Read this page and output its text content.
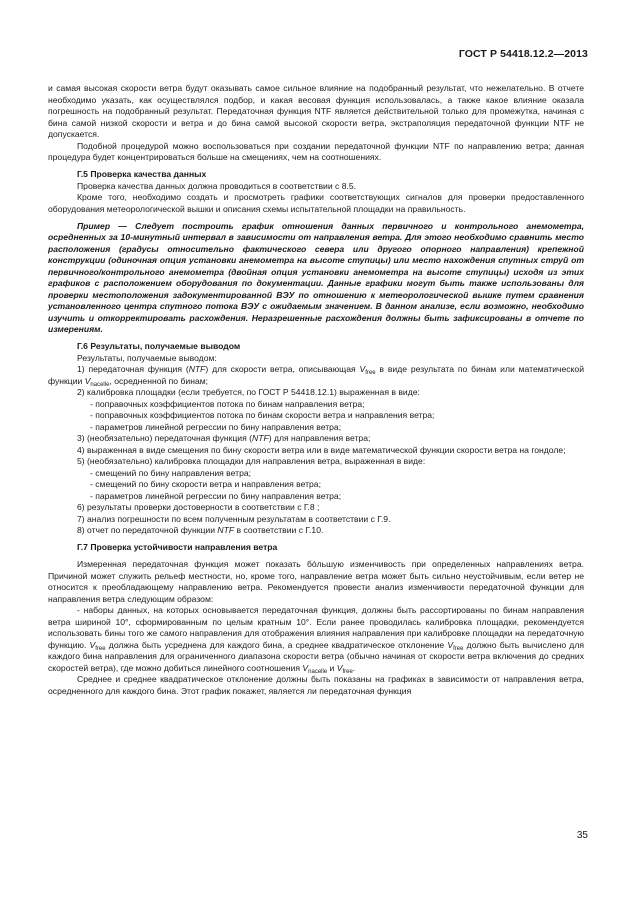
ГОСТ Р 54418.12.2—2013

и самая высокая скорости ветра будут оказывать самое сильное влияние на подобранный результат, что нежелательно. В отчете необходимо указать, как осуществлялся подбор, и какая весовая функция использовалась, а также какое влияние оказала погрешность на подобранный результат. Передаточная функция NTF является действительной только для промежутка, начиная с бина самой низкой скорости и ветра и до бина самой высокой скорости ветра, экстраполяция передаточной функции NTF не допускается.

Подобной процедурой можно воспользоваться при создании передаточной функции NTF по направлению ветра; данная процедура будет концентрироваться больше на смещениях, чем на соотношениях.

Г.5 Проверка качества данных

Проверка качества данных должна проводиться в соответствии с 8.5.

Кроме того, необходимо создать и просмотреть графики соответствующих сигналов для проверки предоставленного оборудования метеорологической вышки и описания схемы испытательной площадки на правильность.

Пример — Следует построить график отношения данных первичного и контрольного анемометра, осредненных за 10-минутный интервал в зависимости от направления ветра. Для этого необходимо сравнить место расположения (градусы относительно фактического севера или другого опорного направления) крепежной конструкции (одиночная опция установки анемометра на высоте ступицы) или место нахождения спутных струй от первичного/контрольного анемометра (двойная опция установки анемометра на высоте ступицы) исходя из этих графиков с расположением оборудования по документации. Данные графики могут быть также использованы для проверки местоположения задокументированной ВЭУ по отношению к метеорологической вышке путем сравнения установленного центра спутного потока ВЭУ с ожидаемым значением. В данном анализе, если возможно, необходимо изучить и откорректировать расхождения. Неразрешенные расхождения должны быть зафиксированы в отчете по измерениям.

Г.6 Результаты, получаемые выводом

Результаты, получаемые выводом:

1) передаточная функция (NTF) для скорости ветра, описывающая $V_{free}$ в виде результата по бинам или математической функции $V_{nacelle}$, осредненной по бинам;

2) калибровка площадки (если требуется, по ГОСТ Р 54418.12.1) выраженная в виде:

- поправочных коэффициентов потока по бинам направления ветра;

- поправочных коэффициентов потока по бинам скорости ветра и направления ветра;

- параметров линейной регрессии по бину направления ветра;

3) (необязательно) передаточная функция (NTF) для направления ветра;

4) выраженная в виде смещения по бину скорости ветра или в виде математической функции скорости ветра на гондоле;

5) (необязательно) калибровка площадки для направления ветра, выраженная в виде:

- смещений по бину направления ветра;

- смещений по бину скорости ветра и направления ветра;

- параметров линейной регрессии по бину направления ветра;

6) результаты проверки достоверности в соответствии с Г.8 ;

7) анализ погрешности по всем полученным результатам в соответствии с Г.9.

8) отчет по передаточной функции NTF в соответствии с Г.10.

Г.7 Проверка устойчивости направления ветра

Измеренная передаточная функция может показать бóльшую изменчивость при определенных направлениях ветра. Причиной может служить рельеф местности, но, кроме того, направление ветра может быть сильно неустойчивым, если ветер не относится к преобладающему направлению ветра. Рекомендуется провести анализ изменчивости передаточной функции для направления ветра следующим образом:

- наборы данных, на которых основывается передаточная функция, должны быть рассортированы по бинам направления ветра шириной 10°, сформированным по целым кратным 10°. Если ранее проводилась калибровка площадки, рекомендуется использовать бины того же самого направления для отображения влияния направления при калибровке площадки на передаточную функцию. $V_{free}$ должна быть усреднена для каждого бина, а среднее квадратическое отклонение $V_{free}$ должно быть вычислено для каждого бина направления для ограниченного диапазона скорости ветра (обычно начиная от скорости ветра включения до средних скоростей ветра), где можно добиться линейного соотношения $V_{nacelle}$ и $V_{free}$.

Среднее и среднее квадратическое отклонение должны быть показаны на графиках в зависимости от направления ветра, осредненного для каждого бина. Этот график покажет, является ли передаточная функция

35
